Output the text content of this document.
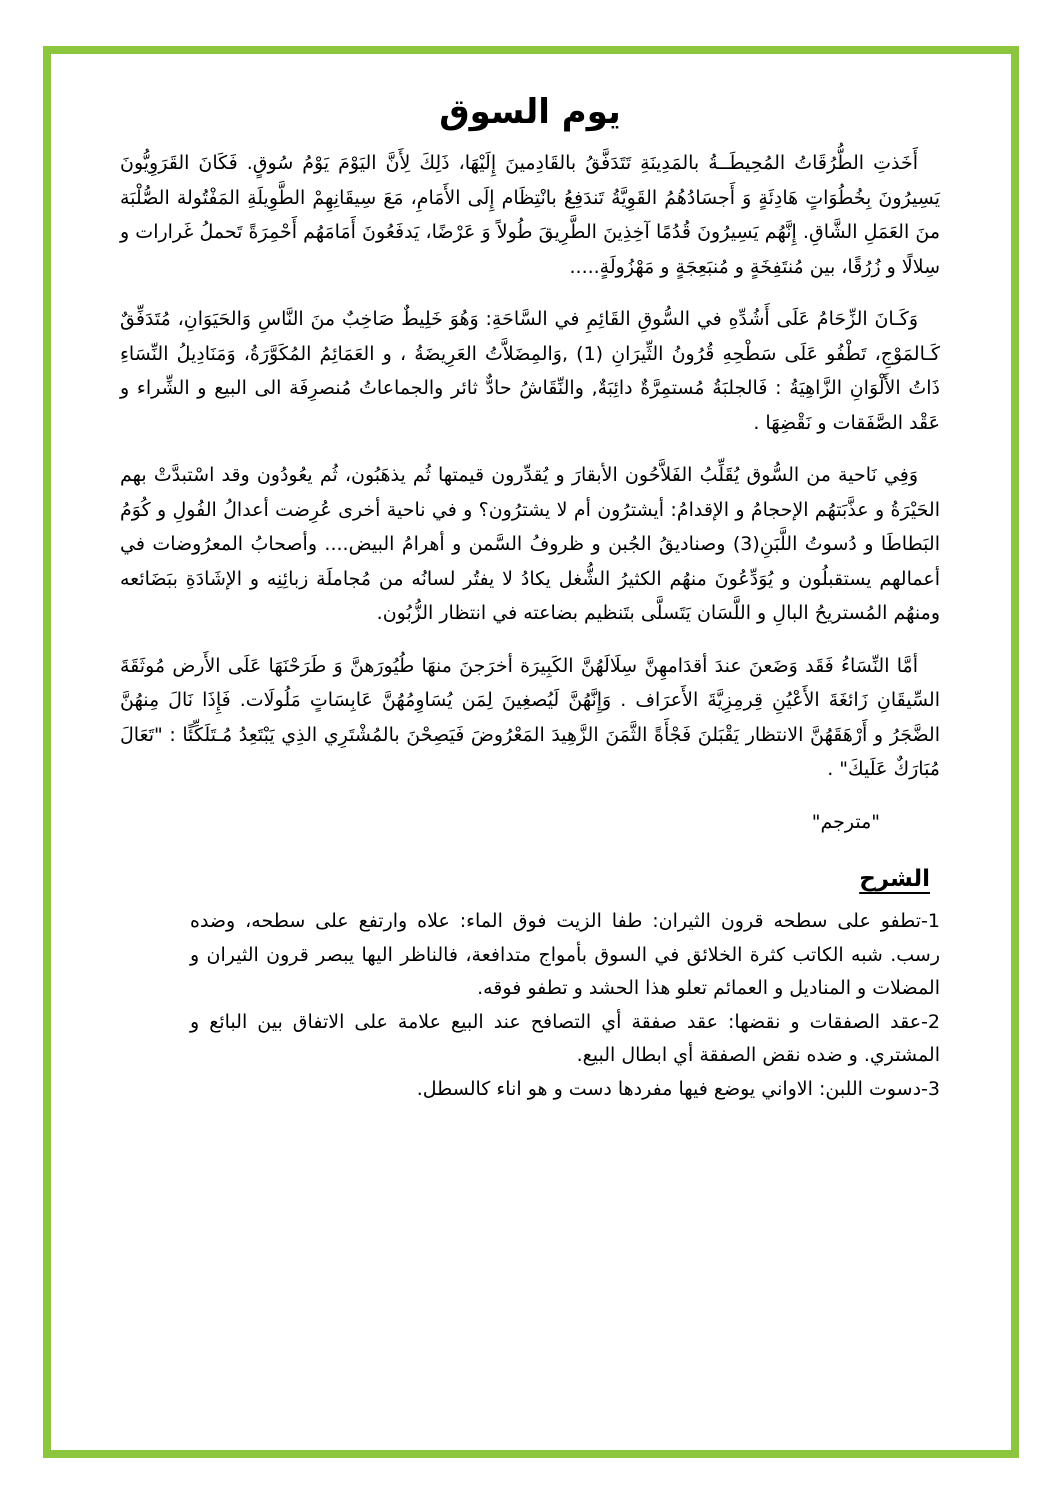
يوم السوق

أَخَذتِ الطُّرُقَاتُ المُحِيطَــةُ بالمَدِينَةِ تَتَدَفَّقُ بالقَادِمينَ إِلَيْهَا، ذَلِكَ لِأَنَّ اليَوْمَ يَوْمُ سُوقٍ. فَكَانَ القَرَوِيُّونَ يَسِيرُونَ بِخُطُوَاتٍ هَادِئَةٍ وَ أَجسَادُهُمُ القَوِيَّةُ تَندَفِعُ بانْتِظَام إِلَى الأَمَامِ، مَعَ سِيقَانِهِمْ الطَّوِيلَةِ المَفْتُولة الصُّلْبَة منَ العَمَلِ الشَّاقِ. إِنَّهُم يَسِيرُونَ قُدُمًا آخِذِينَ الطَّرِيقَ طُولاً وَ عَرْضًا، يَدفَعُونَ أَمَامَهُم أَحْمِرَةً تَحملُ غَرارات و سِلالًا و زُرُقًا، بين مُنتَفِخَةٍ و مُنبَعِجَةٍ و مَهْزُولَةٍ.....

وَكَـانَ الزِّحَامُ عَلَى أَشُدِّهِ في السُّوقِ القَائِمِ في السَّاحَةِ: وَهُوَ خَلِيطٌ صَاخِبٌ منَ النَّاسِ وَالحَيَوَانِ، مُتَدَفِّقٌ كَـالمَوْجِ، تَطْفُو عَلَى سَطْحِهِ قُرُونُ الثِّيرَانِ (1) ,وَالمِضَلاَّتُ العَرِيضَةُ ، و العَمَائِمُ المُكَوَّرَةُ، وَمَنَادِيلُ النِّسَاءِ ذَاتُ الأَلْوَانِ الزَّاهِيَةُ : فَالجلبَةُ مُستمِرَّةٌ دائِبَةٌ, والنِّقَاشُ حادٌّ ثائر والجماعاتُ مُنصرِفَة الى البيع و الشِّراء و عَقْد الصَّفَقات و نَقْضِهَا .

وَفِي نَاحية من السُّوق يُقَلِّبُ الفَلاَّحُون الأبقارَ و يُقدِّرون قيمتها ثُم يذهَبُون، ثُم يعُودُون وقد اسْتبدَّتْ بهم الحَيْرَةُ و عذَّبَتهُم الإحجامُ و الإقدامُ: أيشترُون أم لا يشترُون؟ و في ناحية أخرى عُرِضت أعدالُ الفُولِ و كُوَمُ البَطاطَا و دُسوتُ اللَّبَنِ(3) وصناديقُ الجُبن و ظروفُ السَّمن و أهرامُ البيض.... وأصحابُ المعرُوضات في أعمالهم يستقبلُون و يُوَدِّعُونَ منهُم الكثيرُ الشُّغل يكادُ لا يفتُر لسانُه من مُجاملَة زبائِنِه و الإشَادَةِ ببَضَائعه ومنهُم المُستريحُ البالِ و اللَّسَان يَتَسلَّى بتَنظيم بضاعته في انتظار الزُّبُون.

أمَّا النِّسَاءُ فَقَد وَضَعنَ عندَ أقدَامهِنَّ سِلَالَهُنَّ الكَبِيرَة أخرَجنَ منهَا طُيُورَهنَّ وَ طَرَحْنَهَا عَلَى الأَرض مُوثَقَةَ السِّيقَانِ زَائغَةَ الأَعْيُنِ قِرمِزِيَّةَ الأَعرَاف . وَإِنَّهُنَّ لَيُصغِينَ لِمَن يُسَاوِمُهُنَّ عَابِسَاتٍ مَلُولَات. فَإِذَا نَالَ مِنهُنَّ الضَّجَرُ و أَرْهَقَهُنَّ الانتظار يَقْبَلنَ فَجْأَةً الثَّمَنَ الزَّهِيدَ المَعْرُوضَ فَيَصِحْنَ بالمُشْتَرِي الذِي يَبْتَعِدُ مُـتَلَكِّئًا : "تَعَالَ مُبَارَكٌ عَلَيكَ" .

"مترجم"
الشرح
1-تطفو على سطحه قرون الثيران: طفا الزيت فوق الماء: علاه وارتفع على سطحه، وضده رسب. شبه الكاتب كثرة الخلائق في السوق بأمواج متدافعة، فالناظر اليها يبصر قرون الثيران و المضلات و المناديل و العمائم تعلو هذا الحشد و تطفو فوقه.
2-عقد الصفقات و نقضها: عقد صفقة أي التصافح عند البيع علامة على الاتفاق بين البائع و المشتري. و ضده نقض الصفقة أي ابطال البيع.
3-دسوت اللبن: الاواني يوضع فيها مفردها دست و هو اناء كالسطل.
